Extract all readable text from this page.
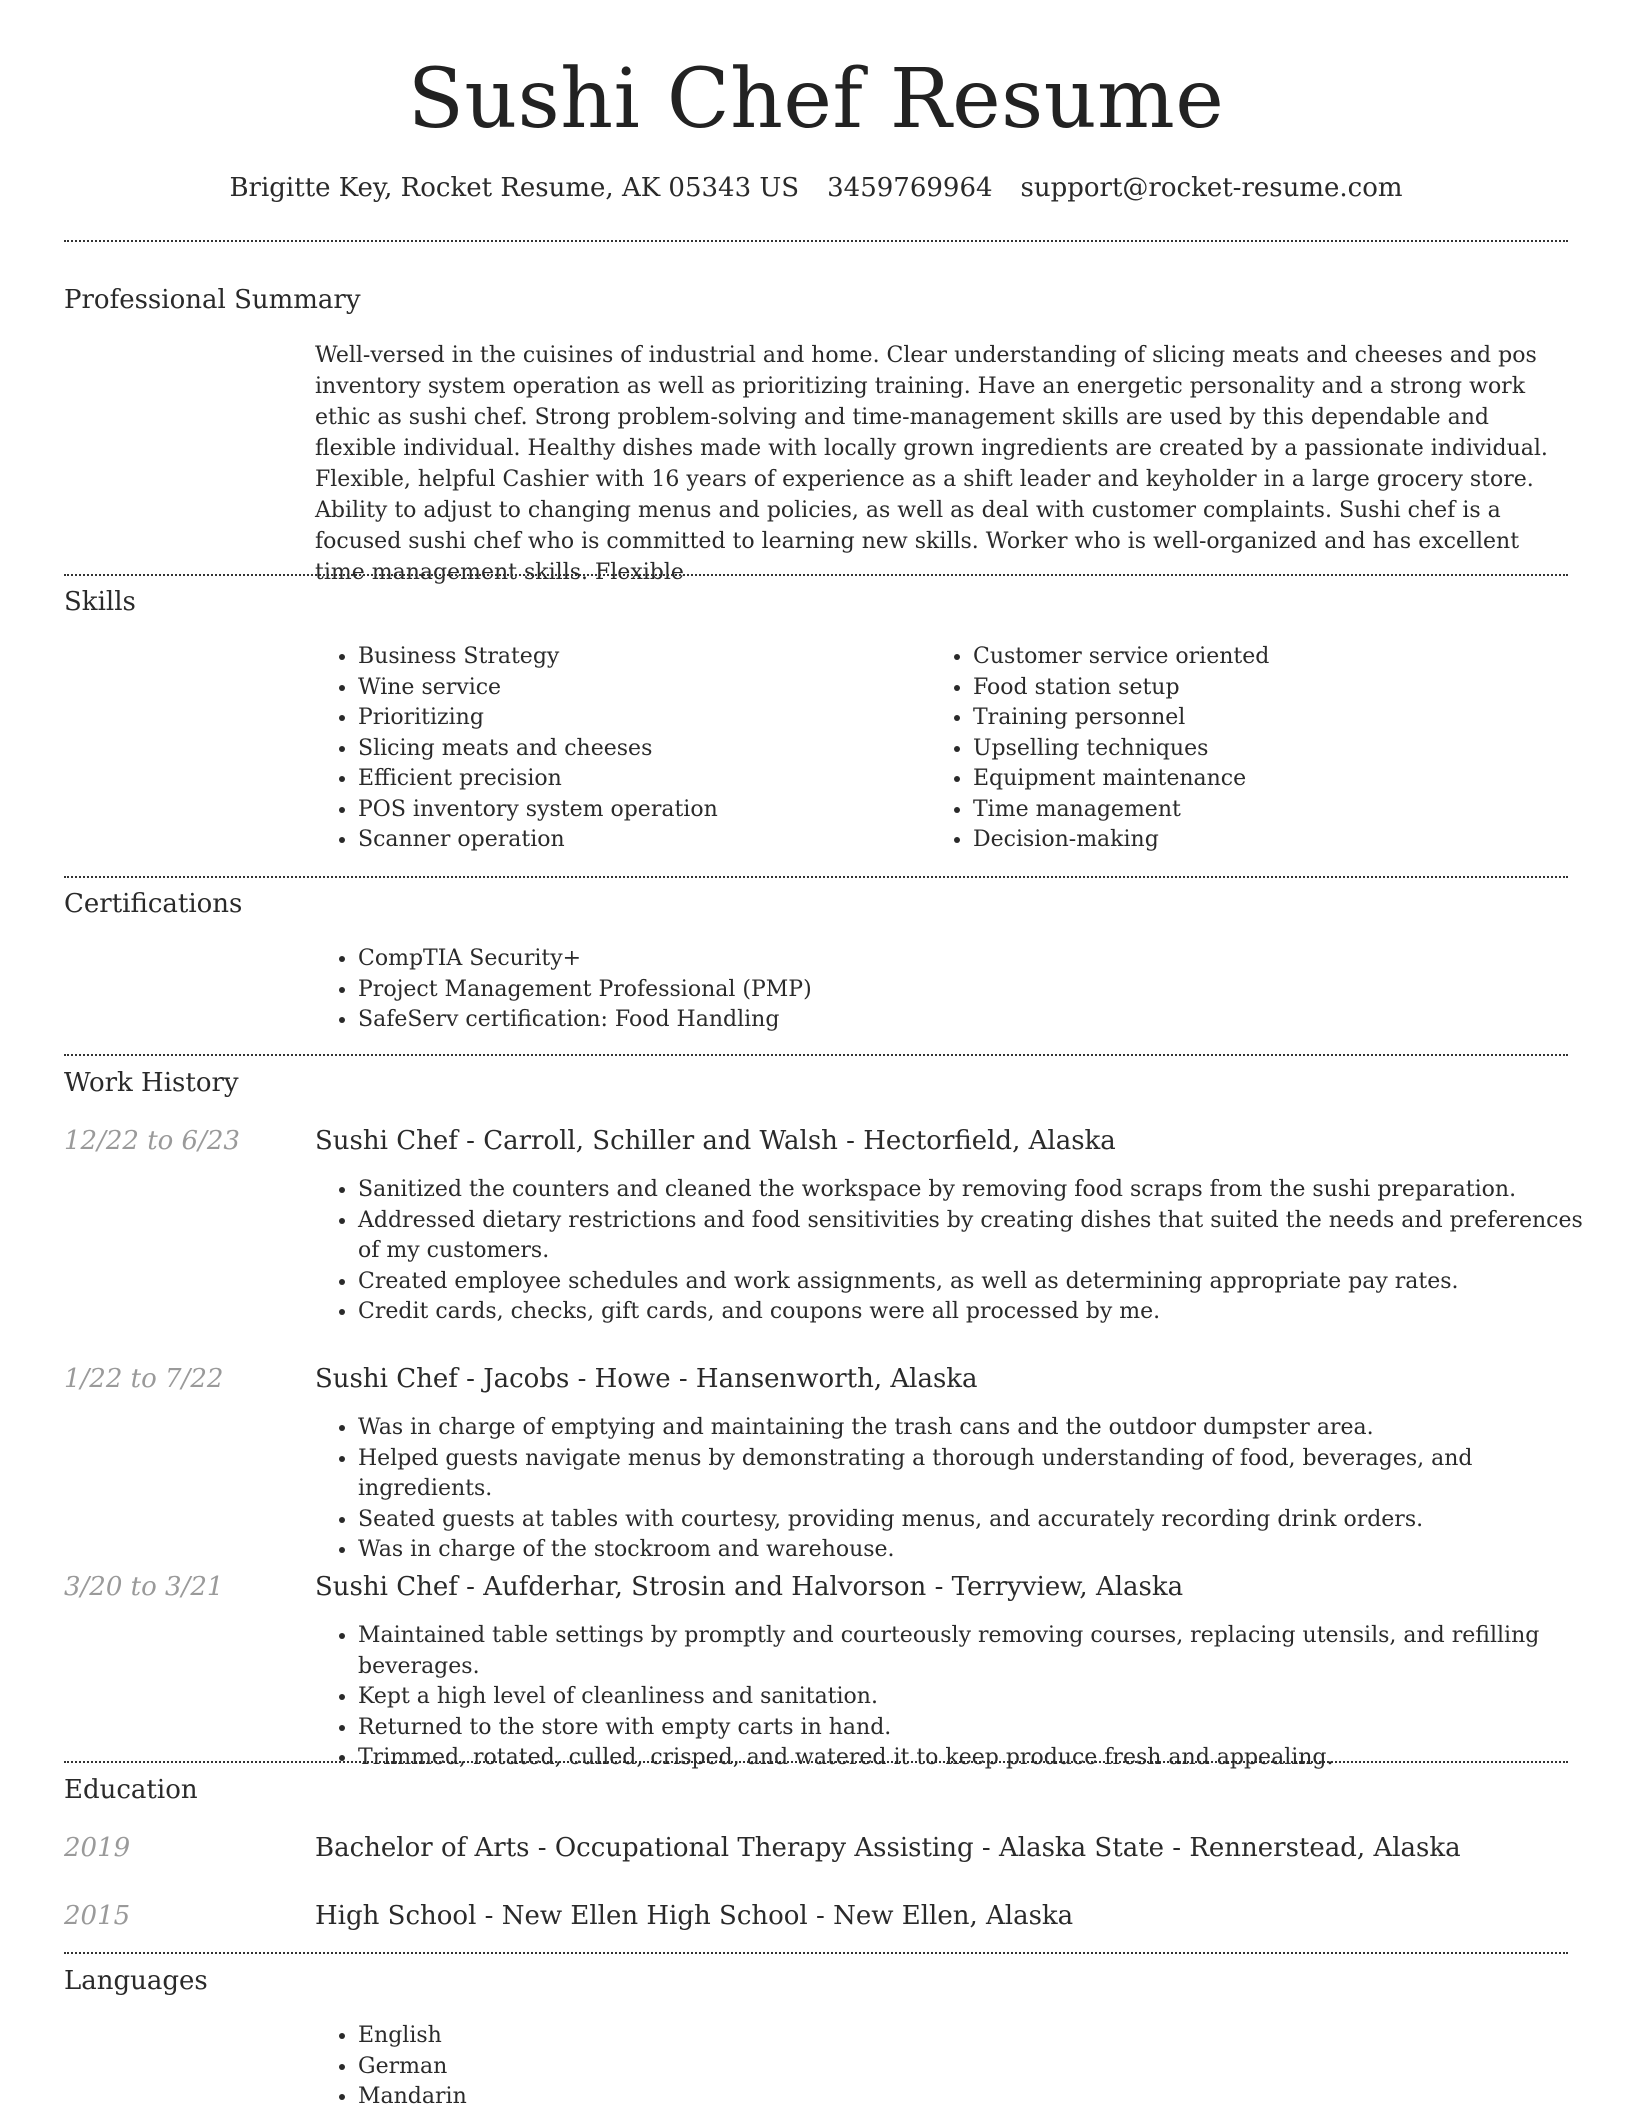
Sushi Chef Resume
Brigitte Key, Rocket Resume, AK 05343 US 3459769964 support@rocket-resume.com
Professional Summary
Well-versed in the cuisines of industrial and home. Clear understanding of slicing meats and cheeses and pos inventory system operation as well as prioritizing training. Have an energetic personality and a strong work ethic as sushi chef. Strong problem-solving and time-management skills are used by this dependable and flexible individual. Healthy dishes made with locally grown ingredients are created by a passionate individual. Flexible, helpful Cashier with 16 years of experience as a shift leader and keyholder in a large grocery store. Ability to adjust to changing menus and policies, as well as deal with customer complaints. Sushi chef is a focused sushi chef who is committed to learning new skills. Worker who is well-organized and has excellent time management skills. Flexible
Skills
• Business Strategy
• Wine service
• Prioritizing
• Slicing meats and cheeses
• Efficient precision
• POS inventory system operation
• Scanner operation
• Customer service oriented
• Food station setup
• Training personnel
• Upselling techniques
• Equipment maintenance
• Time management
• Decision-making
Certifications
• CompTIA Security+
• Project Management Professional (PMP)
• SafeServ certification: Food Handling
Work History
12/22 to 6/23	Sushi Chef - Carroll, Schiller and Walsh - Hectorfield, Alaska
• Sanitized the counters and cleaned the workspace by removing food scraps from the sushi preparation.
• Addressed dietary restrictions and food sensitivities by creating dishes that suited the needs and preferences of my customers.
• Created employee schedules and work assignments, as well as determining appropriate pay rates.
• Credit cards, checks, gift cards, and coupons were all processed by me.
1/22 to 7/22	Sushi Chef - Jacobs - Howe - Hansenworth, Alaska
• Was in charge of emptying and maintaining the trash cans and the outdoor dumpster area.
• Helped guests navigate menus by demonstrating a thorough understanding of food, beverages, and ingredients.
• Seated guests at tables with courtesy, providing menus, and accurately recording drink orders.
• Was in charge of the stockroom and warehouse.
3/20 to 3/21	Sushi Chef - Aufderhar, Strosin and Halvorson - Terryview, Alaska
• Maintained table settings by promptly and courteously removing courses, replacing utensils, and refilling beverages.
• Kept a high level of cleanliness and sanitation.
• Returned to the store with empty carts in hand.
• Trimmed, rotated, culled, crisped, and watered it to keep produce fresh and appealing.
Education
2019	Bachelor of Arts - Occupational Therapy Assisting - Alaska State - Rennerstead, Alaska
2015	High School - New Ellen High School - New Ellen, Alaska
Languages
• English
• German
• Mandarin
